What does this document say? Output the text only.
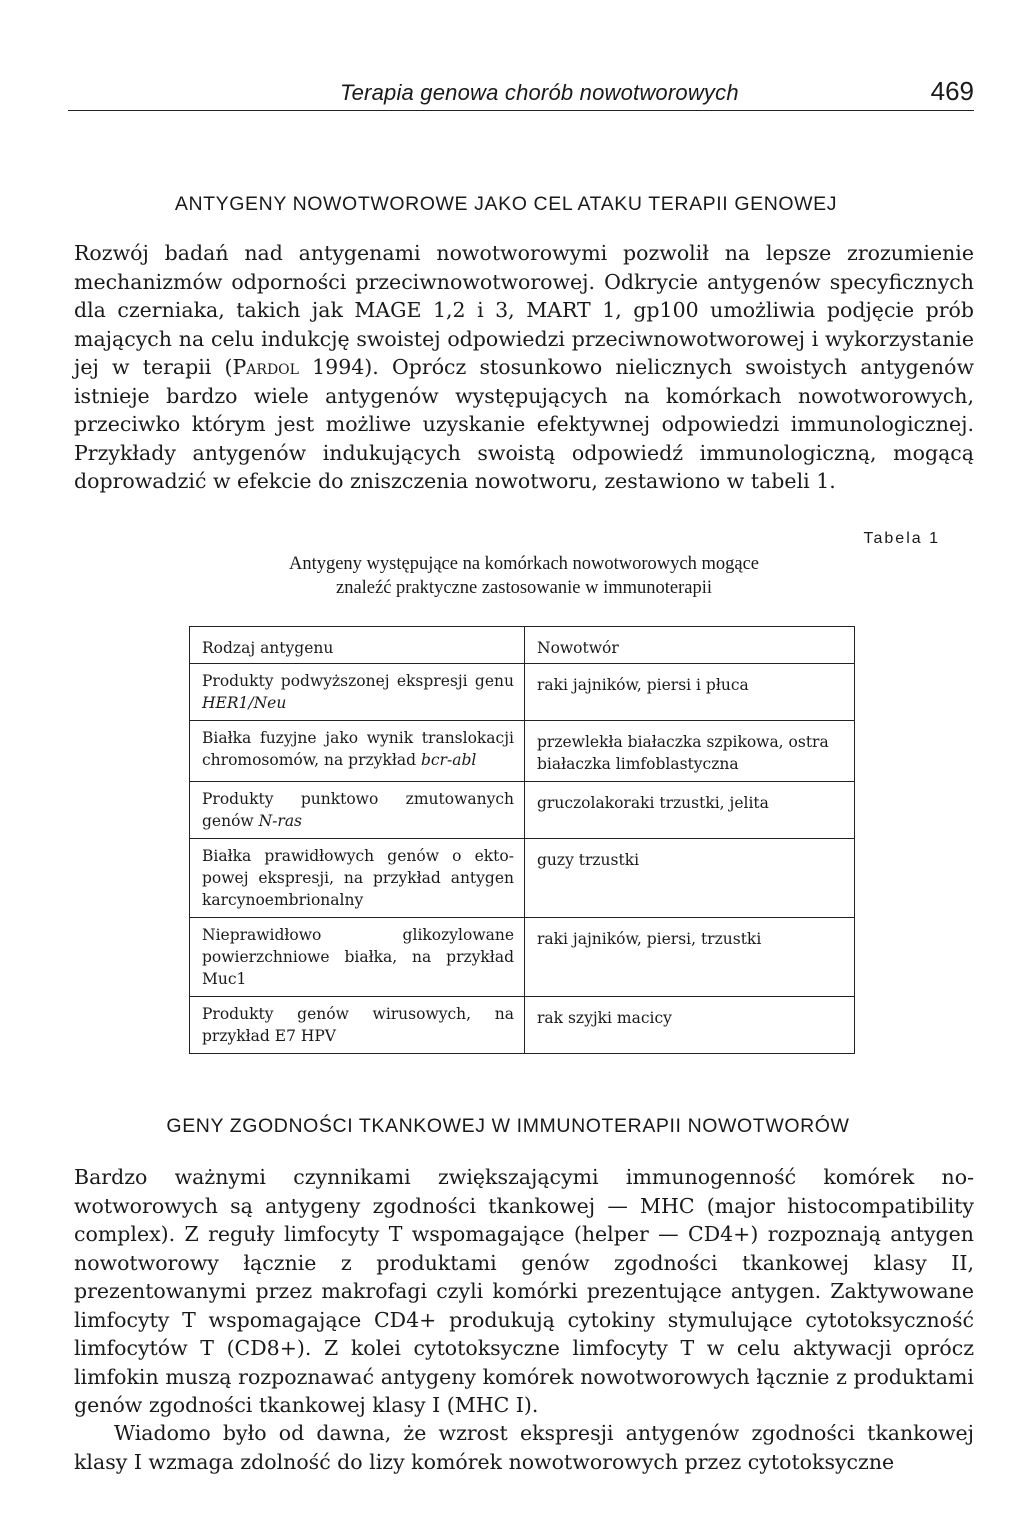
Terapia genowa chorób nowotworowych	469
ANTYGENY NOWOTWOROWE JAKO CEL ATAKU TERAPII GENOWEJ

Rozwój badań nad antygenami nowotworowymi pozwolił na lepsze zrozumienie mechanizmów odporności przeciwnowotworowej. Odkrycie antygenów specyficznych dla czerniaka, takich jak MAGE 1,2 i 3, MART 1, gp100 umożliwia podjęcie prób mających na celu indukcję swoistej odpowiedzi przeciwnowotworowej i wykorzystanie jej w terapii (Pardol 1994). Oprócz stosunkowo nielicznych swoistych antygenów istnieje bardzo wiele antygenów występujących na komórkach nowotworowych, przeciwko którym jest możliwe uzyskanie efektywnej odpowiedzi immunologicznej. Przykłady antygenów indukujących swoistą odpowiedź immunologiczną, mogącą doprowadzić w efekcie do zniszczenia nowotworu, zestawiono w tabeli 1.

Tabela 1
Antygeny występujące na komórkach nowotworowych mogące
znaleźć praktyczne zastosowanie w immunoterapii
Rodzaj antygenu	Nowotwór
Produkty podwyższonej ekspresji genu HER1/Neu	raki jajników, piersi i płuca
Białka fuzyjne jako wynik translokacji chromosomów, na przykład bcr-abl	przewlekła białaczka szpikowa, ostra białaczka limfoblastyczna
Produkty punktowo zmutowanych genów N-ras	gruczolakoraki trzustki, jelita
Białka prawidłowych genów o ektopowej ekspresji, na przykład antygen karcynoembrionalny	guzy trzustki
Nieprawidłowo glikozylowane powierzchniowe białka, na przykład Muc1	raki jajników, piersi, trzustki
Produkty genów wirusowych, na przykład E7 HPV	rak szyjki macicy
GENY ZGODNOŚCI TKANKOWEJ W IMMUNOTERAPII NOWOTWORÓW

Bardzo ważnymi czynnikami zwiększającymi immunogenność komórek nowotworowych są antygeny zgodności tkankowej — MHC (major histocompatibility complex). Z reguły limfocyty T wspomagające (helper — CD4+) rozpoznają antygen nowotworowy łącznie z produktami genów zgodności tkankowej klasy II, prezentowanymi przez makrofagi czyli komórki prezentujące antygen. Zaktywowane limfocyty T wspomagające CD4+ produkują cytokiny stymulujące cytotoksyczność limfocytów T (CD8+). Z kolei cytotoksyczne limfocyty T w celu aktywacji oprócz limfokin muszą rozpoznawać antygeny komórek nowotworowych łącznie z produktami genów zgodności tkankowej klasy I (MHC I).

Wiadomo było od dawna, że wzrost ekspresji antygenów zgodności tkankowej klasy I wzmaga zdolność do lizy komórek nowotworowych przez cytotoksyczne
